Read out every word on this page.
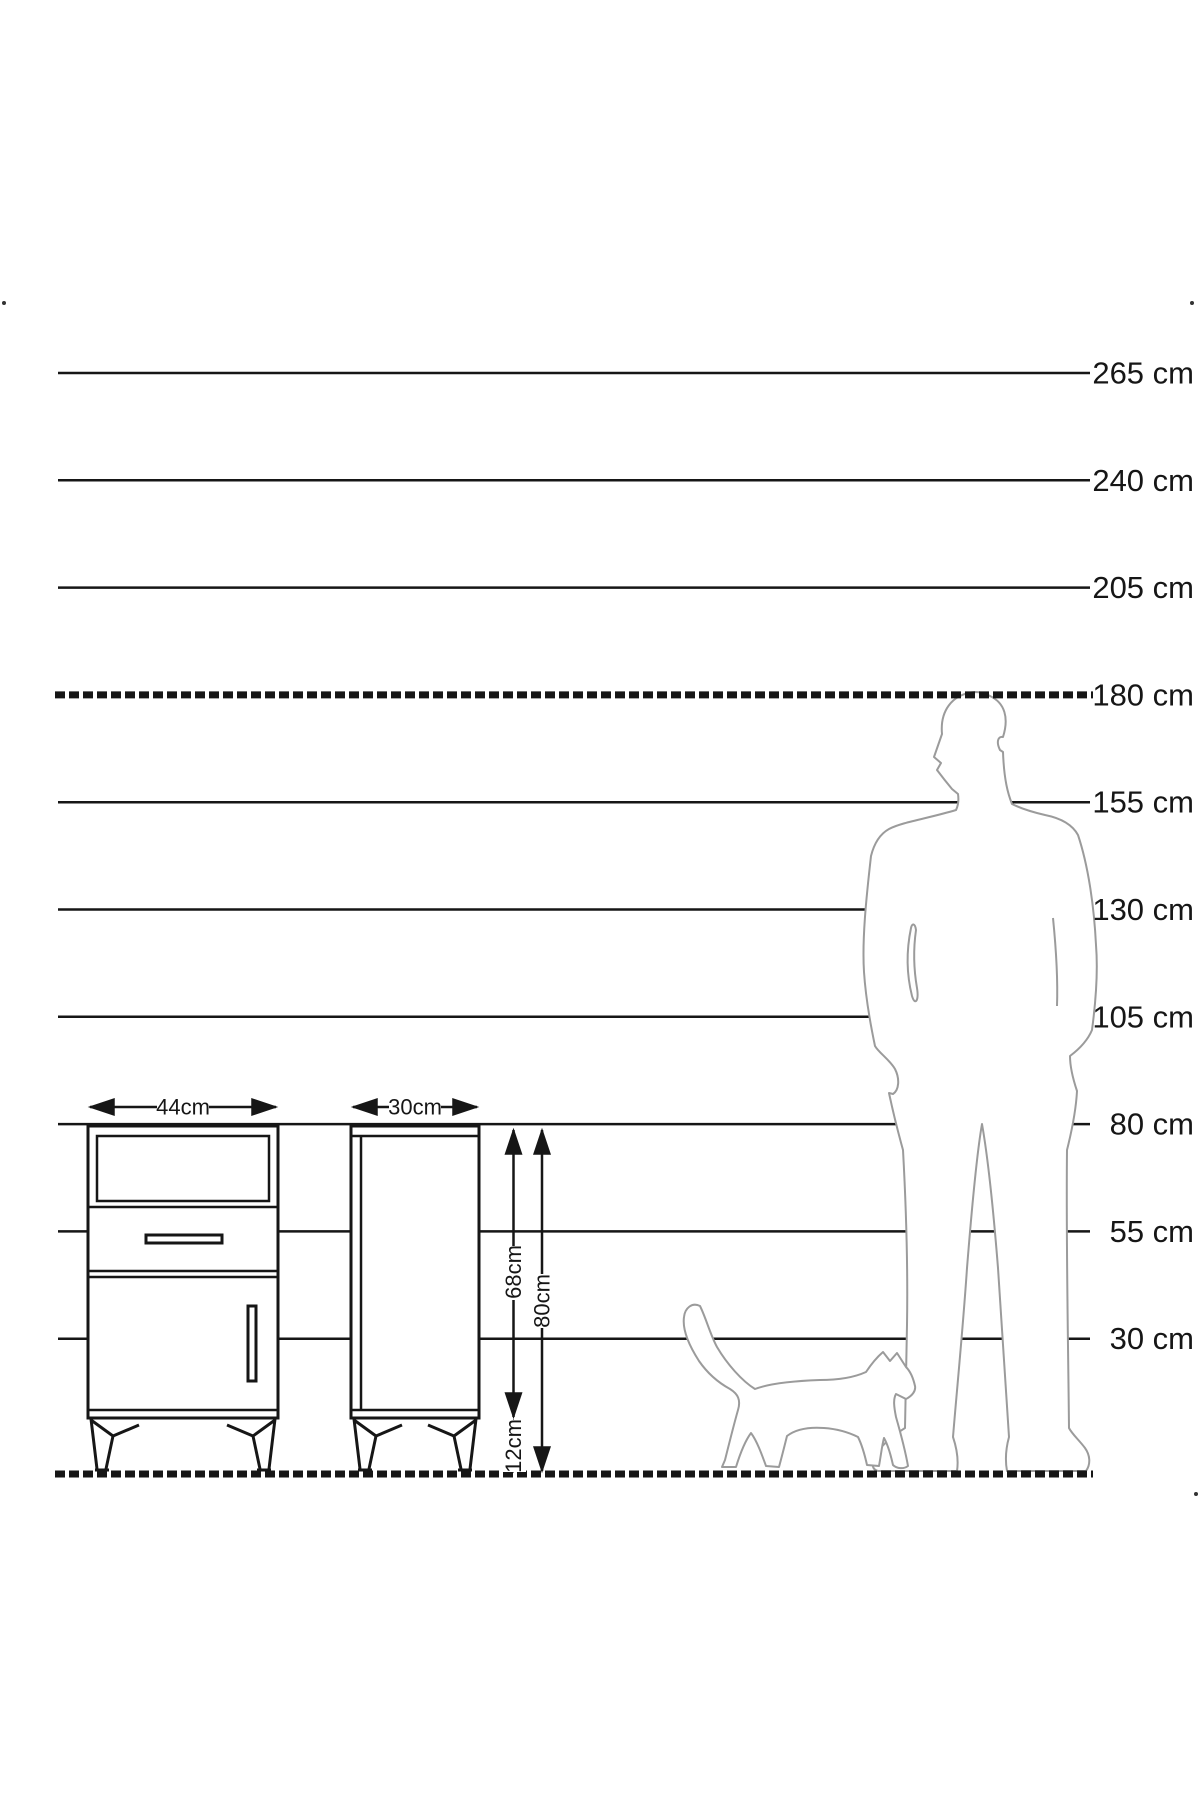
44cm	30cm
68cm
80cm
12cm
265 cm
240 cm
205 cm
180 cm
155 cm
130 cm
105 cm
80 cm
55 cm
30 cm
